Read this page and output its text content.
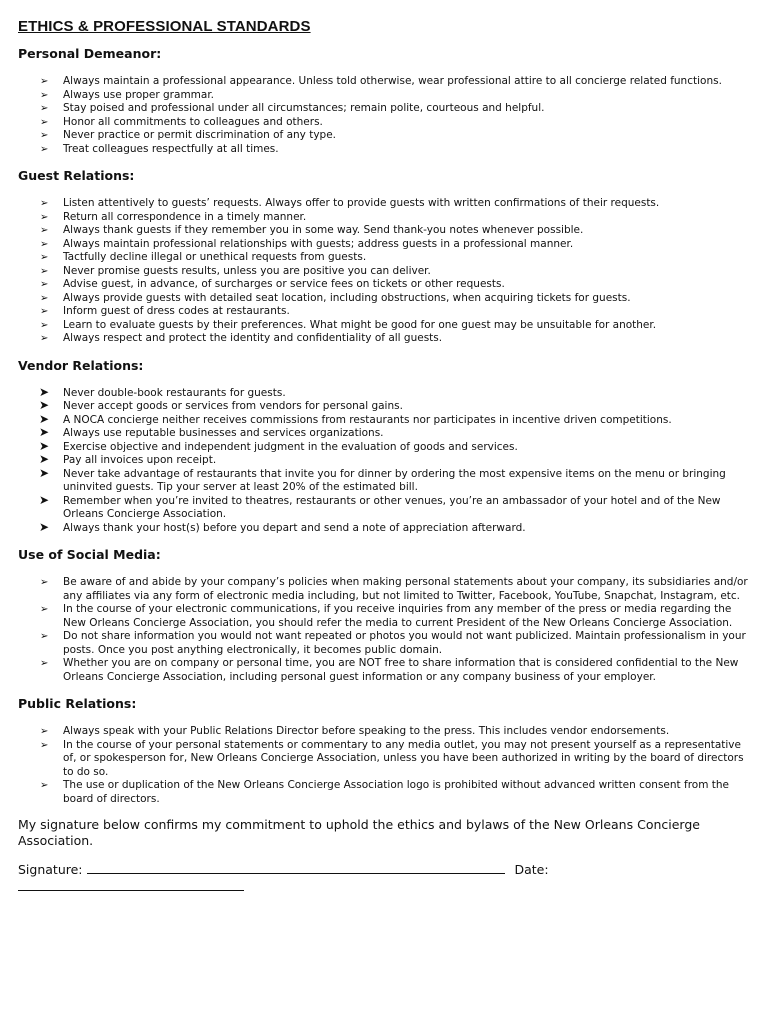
ETHICS & PROFESSIONAL STANDARDS
Personal Demeanor:
➢	Always maintain a professional appearance. Unless told otherwise, wear professional attire to all concierge related functions.
➢	Always use proper grammar.
➢	Stay poised and professional under all circumstances; remain polite, courteous and helpful.
➢	Honor all commitments to colleagues and others.
➢	Never practice or permit discrimination of any type.
➢	Treat colleagues respectfully at all times.
Guest Relations:
➢	Listen attentively to guests’ requests. Always offer to provide guests with written confirmations of their requests.
➢	Return all correspondence in a timely manner.
➢	Always thank guests if they remember you in some way. Send thank-you notes whenever possible.
➢	Always maintain professional relationships with guests; address guests in a professional manner.
➢	Tactfully decline illegal or unethical requests from guests.
➢	Never promise guests results, unless you are positive you can deliver.
➢	Advise guest, in advance, of surcharges or service fees on tickets or other requests.
➢	Always provide guests with detailed seat location, including obstructions, when acquiring tickets for guests.
➢	Inform guest of dress codes at restaurants.
➢	Learn to evaluate guests by their preferences. What might be good for one guest may be unsuitable for another.
➢	Always respect and protect the identity and confidentiality of all guests.
Vendor Relations:
➤	Never double-book restaurants for guests.
➤	Never accept goods or services from vendors for personal gains.
➤	A NOCA concierge neither receives commissions from restaurants nor participates in incentive driven competitions.
➤	Always use reputable businesses and services organizations.
➤	Exercise objective and independent judgment in the evaluation of goods and services.
➤	Pay all invoices upon receipt.
➤	Never take advantage of restaurants that invite you for dinner by ordering the most expensive items on the menu or bringing uninvited guests. Tip your server at least 20% of the estimated bill.
➤	Remember when you’re invited to theatres, restaurants or other venues, you’re an ambassador of your hotel and of the New Orleans Concierge Association.
➤	Always thank your host(s) before you depart and send a note of appreciation afterward.
Use of Social Media:
➢	Be aware of and abide by your company’s policies when making personal statements about your company, its subsidiaries and/or any affiliates via any form of electronic media including, but not limited to Twitter, Facebook, YouTube, Snapchat, Instagram, etc.
➢	In the course of your electronic communications, if you receive inquiries from any member of the press or media regarding the New Orleans Concierge Association, you should refer the media to current President of the New Orleans Concierge Association.
➢	Do not share information you would not want repeated or photos you would not want publicized. Maintain professionalism in your posts. Once you post anything electronically, it becomes public domain.
➢	Whether you are on company or personal time, you are NOT free to share information that is considered confidential to the New Orleans Concierge Association, including personal guest information or any company business of your employer.
Public Relations:
➢	Always speak with your Public Relations Director before speaking to the press. This includes vendor endorsements.
➢	In the course of your personal statements or commentary to any media outlet, you may not present yourself as a representative of, or spokesperson for, New Orleans Concierge Association, unless you have been authorized in writing by the board of directors to do so.
➢	The use or duplication of the New Orleans Concierge Association logo is prohibited without advanced written consent from the board of directors.
My signature below confirms my commitment to uphold the ethics and bylaws of the New Orleans Concierge Association.
Signature:	Date:
